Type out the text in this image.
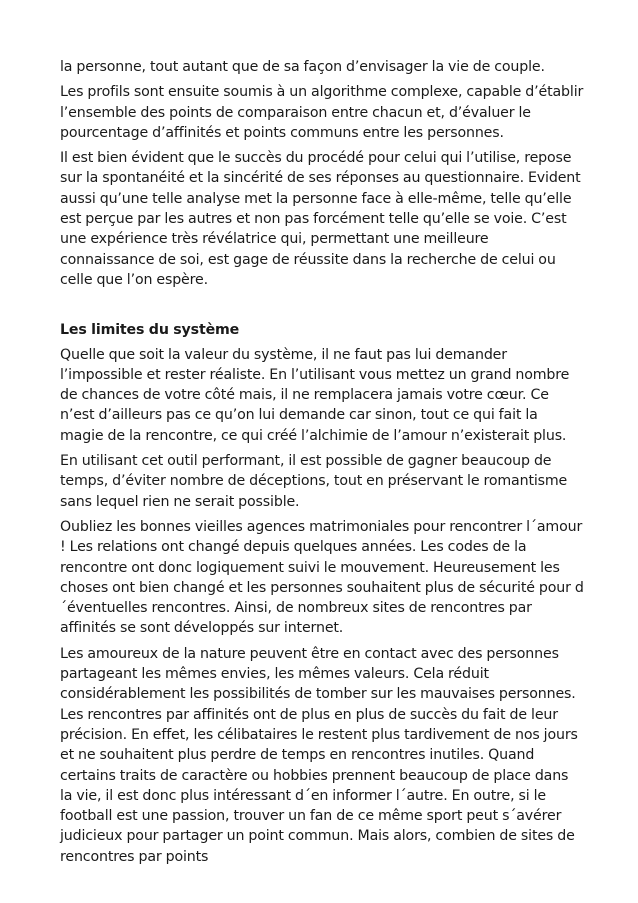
la personne, tout autant que de sa façon d’envisager la vie de couple.

Les profils sont ensuite soumis à un algorithme complexe, capable d’établir l’ensemble des points de comparaison entre chacun et, d’évaluer le pourcentage d’affinités et points communs entre les personnes.

Il est bien évident que le succès du procédé pour celui qui l’utilise, repose sur la spontanéité et la sincérité de ses réponses au questionnaire. Evident aussi qu’une telle analyse met la personne face à elle-même, telle qu’elle est perçue par les autres et non pas forcément telle qu’elle se voie. C’est une expérience très révélatrice qui, permettant une meilleure connaissance de soi, est gage de réussite dans la recherche de celui ou celle que l’on espère.

Les limites du système

Quelle que soit la valeur du système, il ne faut pas lui demander l’impossible et rester réaliste. En l’utilisant vous mettez un grand nombre de chances de votre côté mais, il ne remplacera jamais votre cœur. Ce n’est d’ailleurs pas ce qu’on lui demande car sinon, tout ce qui fait la magie de la rencontre, ce qui créé l’alchimie de l’amour n’existerait plus.

En utilisant cet outil performant, il est possible de gagner beaucoup de temps, d’éviter nombre de déceptions, tout en préservant le romantisme sans lequel rien ne serait possible.

Oubliez les bonnes vieilles agences matrimoniales pour rencontrer l´amour ! Les relations ont changé depuis quelques années. Les codes de la rencontre ont donc logiquement suivi le mouvement. Heureusement les choses ont bien changé et les personnes souhaitent plus de sécurité pour d´éventuelles rencontres. Ainsi, de nombreux sites de rencontres par affinités se sont développés sur internet.

Les amoureux de la nature peuvent être en contact avec des personnes partageant les mêmes envies, les mêmes valeurs. Cela réduit considérablement les possibilités de tomber sur les mauvaises personnes. Les rencontres par affinités ont de plus en plus de succès du fait de leur précision. En effet, les célibataires le restent plus tardivement de nos jours et ne souhaitent plus perdre de temps en rencontres inutiles. Quand certains traits de caractère ou hobbies prennent beaucoup de place dans la vie, il est donc plus intéressant d´en informer l´autre. En outre, si le football est une passion, trouver un fan de ce même sport peut s´avérer judicieux pour partager un point commun. Mais alors, combien de sites de rencontres par points
